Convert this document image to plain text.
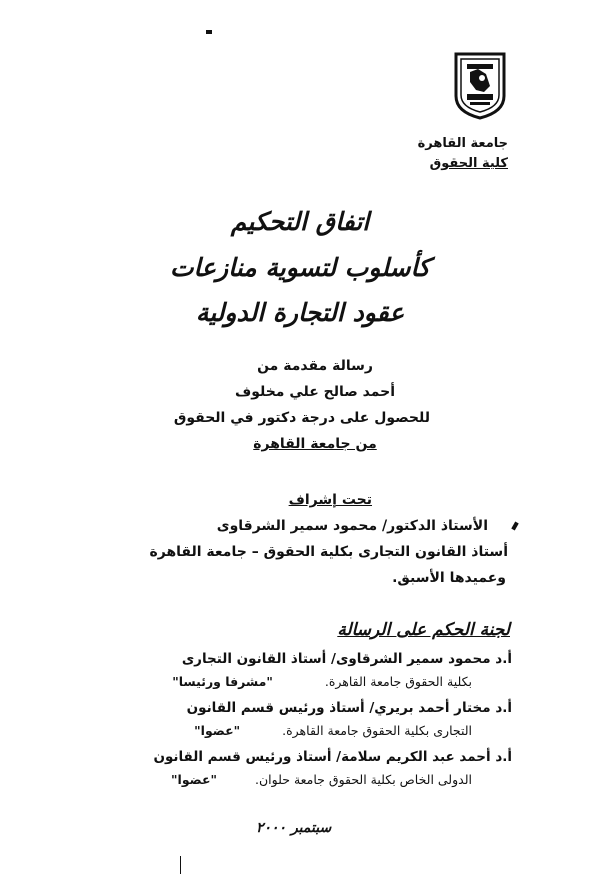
جامعة القاهرة
كلية الحقوق
اتفاق التحكيم
كأسلوب لتسوية منازعات
عقود التجارة الدولية
رسالة مقدمة من
أحمد صالح علي مخلوف
للحصول على درجة دكتور في الحقوق
من جامعة القاهرة
تحت إشراف
الأستاذ الدكتور/ محمود سمير الشرقاوى
أستاذ القانون التجارى بكلية الحقوق – جامعة القاهرة
وعميدها الأسبق.
لجنة الحكم على الرسالة
أ.د محمود سمير الشرقاوى/ أستاذ القانون التجارى
بكلية الحقوق جامعة القاهرة.  "مشرفا ورئيسا"
أ.د مختار أحمد بريري/ أستاذ ورئيس قسم القانون
التجارى بكلية الحقوق جامعة القاهرة.  "عضوا"
أ.د أحمد عبد الكريم سلامة/ أستاذ ورئيس قسم القانون
الدولى الخاص بكلية الحقوق جامعة حلوان.  "عضوا"
سبتمبر ٢٠٠٠
